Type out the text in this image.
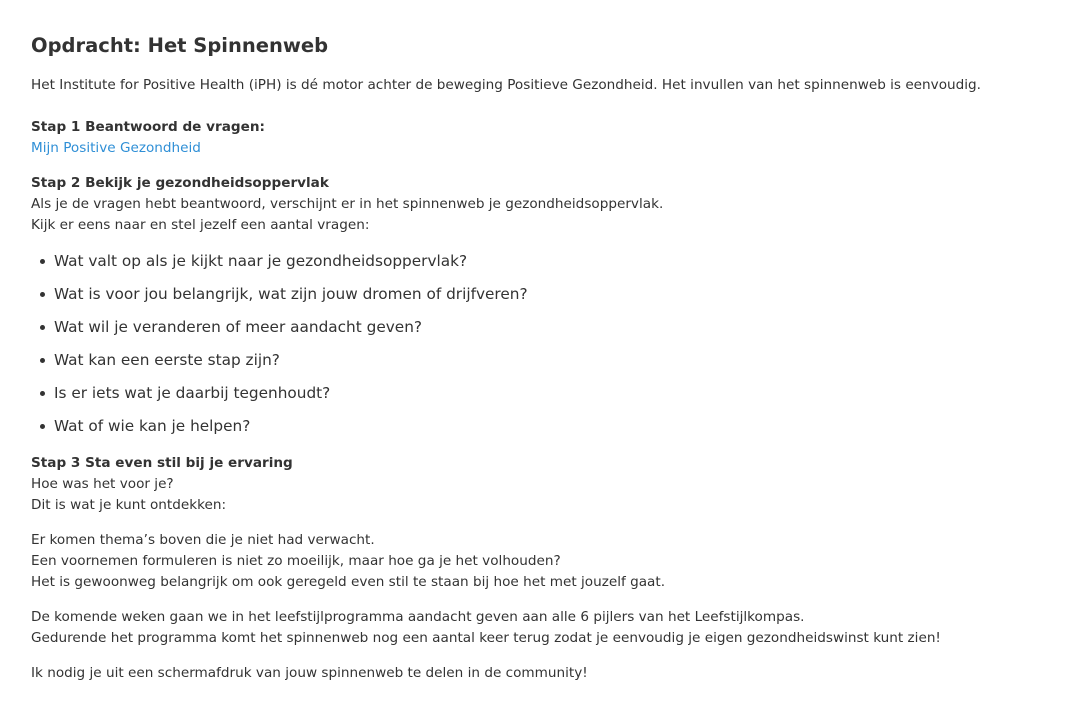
Opdracht: Het Spinnenweb

Het Institute for Positive Health (iPH) is dé motor achter de beweging Positieve Gezondheid. Het invullen van het spinnenweb is eenvoudig.

Stap 1 Beantwoord de vragen:

Mijn Positive Gezondheid

Stap 2 Bekijk je gezondheidsoppervlak

Als je de vragen hebt beantwoord, verschijnt er in het spinnenweb je gezondheidsoppervlak.

Kijk er eens naar en stel jezelf een aantal vragen:

Wat valt op als je kijkt naar je gezondheidsoppervlak?
Wat is voor jou belangrijk, wat zijn jouw dromen of drijfveren?
Wat wil je veranderen of meer aandacht geven?
Wat kan een eerste stap zijn?
Is er iets wat je daarbij tegenhoudt?
Wat of wie kan je helpen?

Stap 3 Sta even stil bij je ervaring

Hoe was het voor je?

Dit is wat je kunt ontdekken:

Er komen thema’s boven die je niet had verwacht.

Een voornemen formuleren is niet zo moeilijk, maar hoe ga je het volhouden?

Het is gewoonweg belangrijk om ook geregeld even stil te staan bij hoe het met jouzelf gaat.

De komende weken gaan we in het leefstijlprogramma aandacht geven aan alle 6 pijlers van het Leefstijlkompas.

Gedurende het programma komt het spinnenweb nog een aantal keer terug zodat je eenvoudig je eigen gezondheidswinst kunt zien!

Ik nodig je uit een schermafdruk van jouw spinnenweb te delen in de community!
